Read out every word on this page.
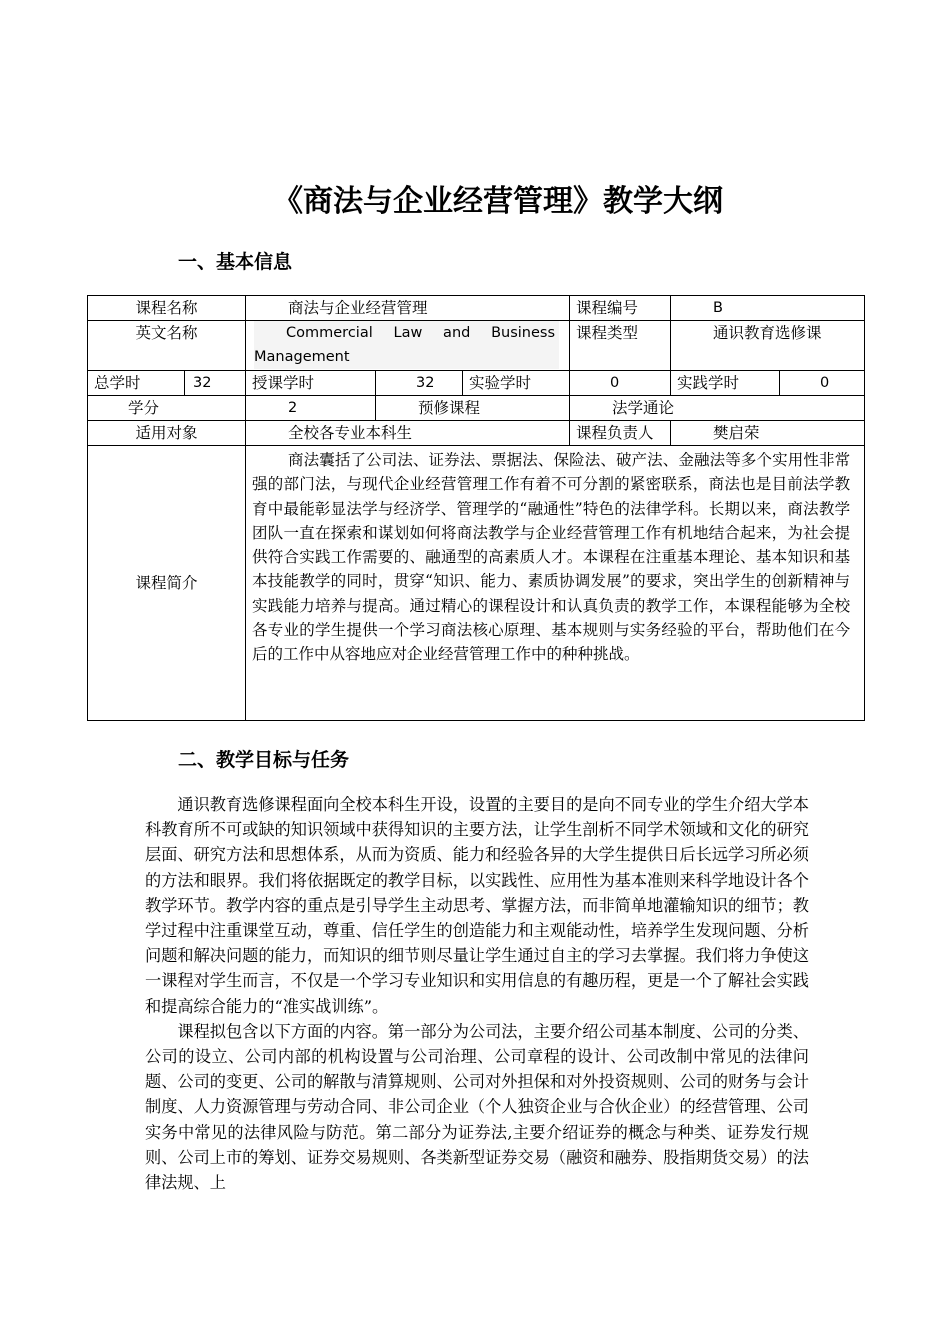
《商法与企业经营管理》教学大纲
一、基本信息
课程名称		商法与企业经营管理			课程编号	B	
英文名称		Commercial Law and Business Management			课程类型	通识教育选修课	
总学时	32	授课学时	32	实验学时	0	实践学时	0
学分		2	预修课程		法学通论		
适用对象		全校各专业本科生			课程负责人	樊启荣	
课程简介		商法囊括了公司法、证券法、票据法、保险法、破产法、金融法等多个实用性非常强的部门法，与现代企业经营管理工作有着不可分割的紧密联系，商法也是目前法学教育中最能彰显法学与经济学、管理学的“融通性”特色的法律学科。长期以来，商法教学团队一直在探索和谋划如何将商法教学与企业经营管理工作有机地结合起来，为社会提供符合实践工作需要的、融通型的高素质人才。本课程在注重基本理论、基本知识和基本技能教学的同时，贯穿“知识、能力、素质协调发展”的要求，突出学生的创新精神与实践能力培养与提高。通过精心的课程设计和认真负责的教学工作，本课程能够为全校各专业的学生提供一个学习商法核心原理、基本规则与实务经验的平台，帮助他们在今后的工作中从容地应对企业经营管理工作中的种种挑战。					
二、教学目标与任务

通识教育选修课程面向全校本科生开设，设置的主要目的是向不同专业的学生介绍大学本科教育所不可或缺的知识领域中获得知识的主要方法，让学生剖析不同学术领域和文化的研究层面、研究方法和思想体系，从而为资质、能力和经验各异的大学生提供日后长远学习所必须的方法和眼界。我们将依据既定的教学目标，以实践性、应用性为基本准则来科学地设计各个教学环节。教学内容的重点是引导学生主动思考、掌握方法，而非简单地灌输知识的细节；教学过程中注重课堂互动，尊重、信任学生的创造能力和主观能动性，培养学生发现问题、分析问题和解决问题的能力，而知识的细节则尽量让学生通过自主的学习去掌握。我们将力争使这一课程对学生而言，不仅是一个学习专业知识和实用信息的有趣历程，更是一个了解社会实践和提高综合能力的“准实战训练”。

课程拟包含以下方面的内容。第一部分为公司法，主要介绍公司基本制度、公司的分类、公司的设立、公司内部的机构设置与公司治理、公司章程的设计、公司改制中常见的法律问题、公司的变更、公司的解散与清算规则、公司对外担保和对外投资规则、公司的财务与会计制度、人力资源管理与劳动合同、非公司企业（个人独资企业与合伙企业）的经营管理、公司实务中常见的法律风险与防范。第二部分为证券法,主要介绍证券的概念与种类、证券发行规则、公司上市的筹划、证券交易规则、各类新型证券交易（融资和融券、股指期货交易）的法律法规、上
